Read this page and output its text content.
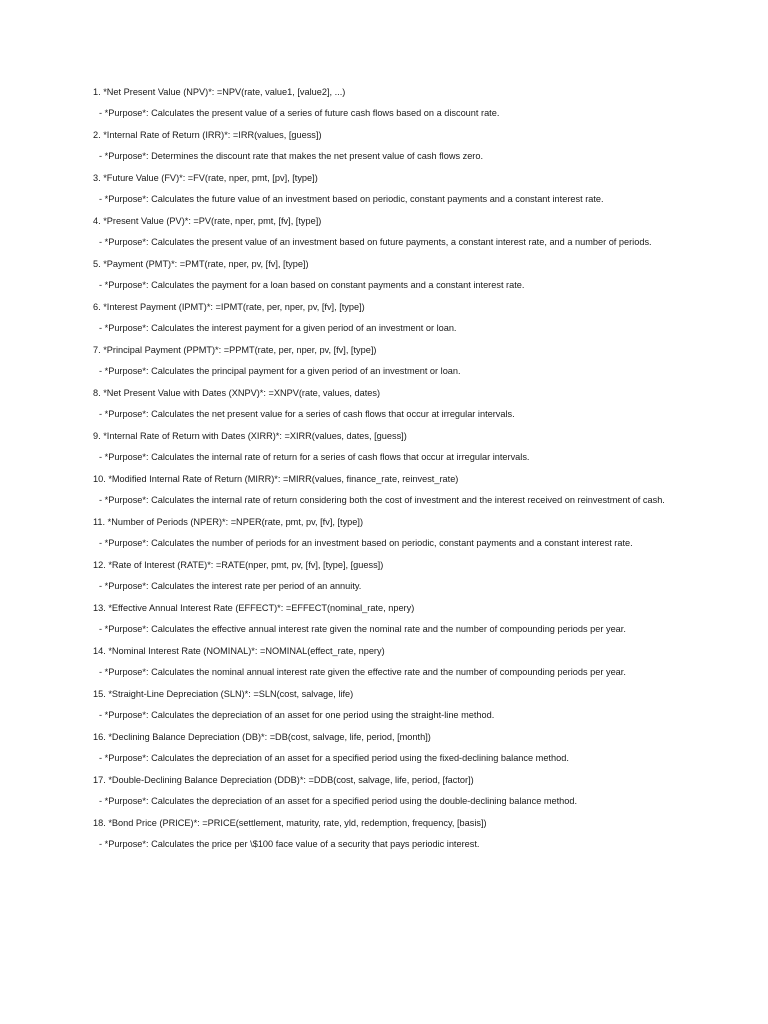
1. *Net Present Value (NPV)*: =NPV(rate, value1, [value2], ...)
- *Purpose*: Calculates the present value of a series of future cash flows based on a discount rate.
2. *Internal Rate of Return (IRR)*: =IRR(values, [guess])
- *Purpose*: Determines the discount rate that makes the net present value of cash flows zero.
3. *Future Value (FV)*: =FV(rate, nper, pmt, [pv], [type])
- *Purpose*: Calculates the future value of an investment based on periodic, constant payments and a constant interest rate.
4. *Present Value (PV)*: =PV(rate, nper, pmt, [fv], [type])
- *Purpose*: Calculates the present value of an investment based on future payments, a constant interest rate, and a number of periods.
5. *Payment (PMT)*: =PMT(rate, nper, pv, [fv], [type])
- *Purpose*: Calculates the payment for a loan based on constant payments and a constant interest rate.
6. *Interest Payment (IPMT)*: =IPMT(rate, per, nper, pv, [fv], [type])
- *Purpose*: Calculates the interest payment for a given period of an investment or loan.
7. *Principal Payment (PPMT)*: =PPMT(rate, per, nper, pv, [fv], [type])
- *Purpose*: Calculates the principal payment for a given period of an investment or loan.
8. *Net Present Value with Dates (XNPV)*: =XNPV(rate, values, dates)
- *Purpose*: Calculates the net present value for a series of cash flows that occur at irregular intervals.
9. *Internal Rate of Return with Dates (XIRR)*: =XIRR(values, dates, [guess])
- *Purpose*: Calculates the internal rate of return for a series of cash flows that occur at irregular intervals.
10. *Modified Internal Rate of Return (MIRR)*: =MIRR(values, finance_rate, reinvest_rate)
- *Purpose*: Calculates the internal rate of return considering both the cost of investment and the interest received on reinvestment of cash.
11. *Number of Periods (NPER)*: =NPER(rate, pmt, pv, [fv], [type])
- *Purpose*: Calculates the number of periods for an investment based on periodic, constant payments and a constant interest rate.
12. *Rate of Interest (RATE)*: =RATE(nper, pmt, pv, [fv], [type], [guess])
- *Purpose*: Calculates the interest rate per period of an annuity.
13. *Effective Annual Interest Rate (EFFECT)*: =EFFECT(nominal_rate, npery)
- *Purpose*: Calculates the effective annual interest rate given the nominal rate and the number of compounding periods per year.
14. *Nominal Interest Rate (NOMINAL)*: =NOMINAL(effect_rate, npery)
- *Purpose*: Calculates the nominal annual interest rate given the effective rate and the number of compounding periods per year.
15. *Straight-Line Depreciation (SLN)*: =SLN(cost, salvage, life)
- *Purpose*: Calculates the depreciation of an asset for one period using the straight-line method.
16. *Declining Balance Depreciation (DB)*: =DB(cost, salvage, life, period, [month])
- *Purpose*: Calculates the depreciation of an asset for a specified period using the fixed-declining balance method.
17. *Double-Declining Balance Depreciation (DDB)*: =DDB(cost, salvage, life, period, [factor])
- *Purpose*: Calculates the depreciation of an asset for a specified period using the double-declining balance method.
18. *Bond Price (PRICE)*: =PRICE(settlement, maturity, rate, yld, redemption, frequency, [basis])
- *Purpose*: Calculates the price per \$100 face value of a security that pays periodic interest.
